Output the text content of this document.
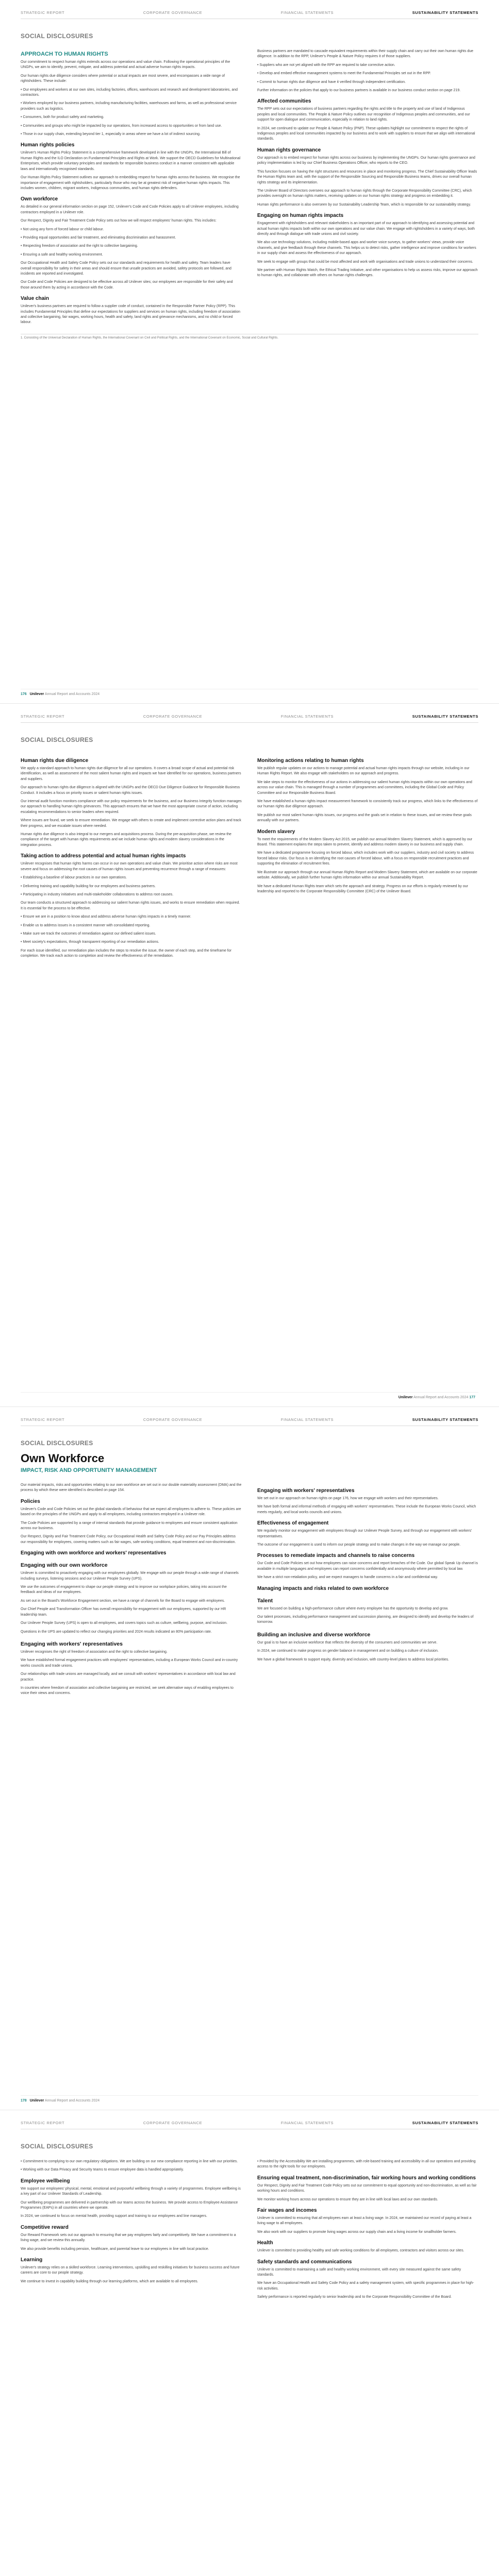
STRATEGIC REPORT	CORPORATE GOVERNANCE	FINANCIAL STATEMENTS	SUSTAINABILITY STATEMENTS
SOCIAL DISCLOSURES
APPROACH TO HUMAN RIGHTS

Our commitment to respect human rights extends across our operations and value chain. Following the operational principles of the UNGPs, we aim to identify, prevent, mitigate, and address potential and actual adverse human rights impacts.

Our human rights due diligence considers where potential or actual impacts are most severe, and encompasses a wide range of rightsholders. These include:

• Our employees and workers at our own sites, including factories, offices, warehouses and research and development laboratories, and contractors.

• Workers employed by our business partners, including manufacturing facilities, warehouses and farms, as well as professional service providers such as logistics.

• Consumers, both for product safety and marketing.

• Communities and groups who might be impacted by our operations, from increased access to opportunities or from land use.

• Those in our supply chain, extending beyond tier 1, especially in areas where we have a lot of indirect sourcing.

Human rights policies

Unilever's Human Rights Policy Statement is a comprehensive framework developed in line with the UNGPs, the International Bill of Human Rights and the ILO Declaration on Fundamental Principles and Rights at Work. We support the OECD Guidelines for Multinational Enterprises, which provide voluntary principles and standards for responsible business conduct in a manner consistent with applicable laws and internationally recognised standards.

Our Human Rights Policy Statement outlines our approach to embedding respect for human rights across the business. We recognise the importance of engagement with rightsholders, particularly those who may be at greatest risk of negative human rights impacts. This includes women, children, migrant workers, Indigenous communities, and human rights defenders.

Own workforce

As detailed in our general information section on page 152, Unilever's Code and Code Policies apply to all Unilever employees, including contractors employed in a Unilever role.

Our Respect, Dignity and Fair Treatment Code Policy sets out how we will respect employees' human rights. This includes:

• Not using any form of forced labour or child labour.

• Providing equal opportunities and fair treatment, and eliminating discrimination and harassment.

• Respecting freedom of association and the right to collective bargaining.

• Ensuring a safe and healthy working environment.

Our Occupational Health and Safety Code Policy sets out our standards and requirements for health and safety. Team leaders have overall responsibility for safety in their areas and should ensure that unsafe practices are avoided, safety protocols are followed, and incidents are reported and investigated.

Our Code and Code Policies are designed to be effective across all Unilever sites; our employees are responsible for their safety and those around them by acting in accordance with the Code.

Value chain

Unilever's business partners are required to follow a supplier code of conduct, contained in the Responsible Partner Policy (RPP). This includes Fundamental Principles that define our expectations for suppliers and services on human rights, including freedom of association and collective bargaining, fair wages, working hours, health and safety, land rights and grievance mechanisms, and no child or forced labour.

Business partners are mandated to cascade equivalent requirements within their supply chain and carry out their own human rights due diligence. In addition to the RPP, Unilever's People & Nature Policy requires it of those suppliers.

• Suppliers who are not yet aligned with the RPP are required to take corrective action.

• Develop and embed effective management systems to meet the Fundamental Principles set out in the RPP.

• Commit to human rights due diligence and have it verified through independent certification.

Further information on the policies that apply to our business partners is available in our business conduct section on page 219.

Affected communities

The RPP sets out our expectations of business partners regarding the rights and title to the property and use of land of Indigenous peoples and local communities. The People & Nature Policy outlines our recognition of Indigenous peoples and communities, and our support for open dialogue and communication, especially in relation to land rights.

In 2024, we continued to update our People & Nature Policy (PNP). These updates highlight our commitment to respect the rights of Indigenous peoples and local communities impacted by our business and to work with suppliers to ensure that we align with international standards.

Human rights governance

Our approach is to embed respect for human rights across our business by implementing the UNGPs. Our human rights governance and policy implementation is led by our Chief Business Operations Officer, who reports to the CEO.

This function focuses on having the right structures and resources in place and monitoring progress. The Chief Sustainability Officer leads the Human Rights team and, with the support of the Responsible Sourcing and Responsible Business teams, drives our overall human rights strategy and its implementation.

The Unilever Board of Directors oversees our approach to human rights through the Corporate Responsibility Committee (CRC), which provides oversight on human rights matters, receiving updates on our human rights strategy and progress on embedding it.

Human rights performance is also overseen by our Sustainability Leadership Team, which is responsible for our sustainability strategy.

Engaging on human rights impacts

Engagement with rightsholders and relevant stakeholders is an important part of our approach to identifying and assessing potential and actual human rights impacts both within our own operations and our value chain. We engage with rightsholders in a variety of ways, both directly and through dialogue with trade unions and civil society.

We also use technology solutions, including mobile-based apps and worker voice surveys, to gather workers' views, provide voice channels, and give feedback through these channels. This helps us to detect risks, gather intelligence and improve conditions for workers in our supply chain and assess the effectiveness of our approach.

We seek to engage with groups that could be most affected and work with organisations and trade unions to understand their concerns.

We partner with Human Rights Watch, the Ethical Trading Initiative, and other organisations to help us assess risks, improve our approach to human rights, and collaborate with others on human rights challenges.

1. Consisting of the Universal Declaration of Human Rights, the International Covenant on Civil and Political Rights, and the International Covenant on Economic, Social and Cultural Rights.
176 Unilever Annual Report and Accounts 2024
STRATEGIC REPORT	CORPORATE GOVERNANCE	FINANCIAL STATEMENTS	SUSTAINABILITY STATEMENTS
SOCIAL DISCLOSURES
Human rights due diligence

We apply a standard approach to human rights due diligence for all our operations. It covers a broad scope of actual and potential risk identification, as well as assessment of the most salient human rights and impacts we have identified for our operations, business partners and suppliers.

Our approach to human rights due diligence is aligned with the UNGPs and the OECD Due Diligence Guidance for Responsible Business Conduct. It includes a focus on priority issues or salient human rights issues.

Our internal audit function monitors compliance with our policy requirements for the business, and our Business Integrity function manages our approach to handling human rights grievances. This approach ensures that we have the most appropriate course of action, including escalating recommendations to senior leaders when required.

Where issues are found, we seek to ensure remediation. We engage with others to create and implement corrective action plans and track their progress, and we escalate issues where needed.

Human rights due diligence is also integral to our mergers and acquisitions process. During the pre-acquisition phase, we review the compliance of the target with human rights requirements and we include human rights and modern slavery considerations in the integration process.

Taking action to address potential and actual human rights impacts

Unilever recognises that human rights harms can occur in our own operations and value chain. We prioritise action where risks are most severe and focus on addressing the root causes of human rights issues and preventing recurrence through a range of measures:

• Establishing a baseline of labour practices in our own operations.

• Delivering training and capability building for our employees and business partners.

• Participating in industry initiatives and multi-stakeholder collaborations to address root causes.

Our team conducts a structured approach to addressing our salient human rights issues, and works to ensure remediation when required. It is essential for the process to be effective.

• Ensure we are in a position to know about and address adverse human rights impacts in a timely manner.

• Enable us to address issues in a consistent manner with consolidated reporting.

• Make sure we track the outcomes of remediation against our defined salient issues.

• Meet society's expectations, through transparent reporting of our remediation actions.

For each issue identified, our remediation plan includes the steps to resolve the issue, the owner of each step, and the timeframe for completion. We track each action to completion and review the effectiveness of the remediation.

Monitoring actions relating to human rights

We publish regular updates on our actions to manage potential and actual human rights impacts through our website, including in our Human Rights Report. We also engage with stakeholders on our approach and progress.

We take steps to monitor the effectiveness of our actions in addressing our salient human rights impacts within our own operations and across our value chain. This is managed through a number of programmes and committees, including the Global Code and Policy Committee and our Responsible Business Board.

We have established a human rights impact measurement framework to consistently track our progress, which links to the effectiveness of our human rights due diligence approach.

We publish our most salient human rights issues, our progress and the goals set in relation to these issues, and we review these goals annually with our partners.

Modern slavery

To meet the requirements of the Modern Slavery Act 2015, we publish our annual Modern Slavery Statement, which is approved by our Board. This statement explains the steps taken to prevent, identify and address modern slavery in our business and supply chain.

We have a dedicated programme focusing on forced labour, which includes work with our suppliers, industry and civil society to address forced labour risks. Our focus is on identifying the root causes of forced labour, with a focus on responsible recruitment practices and supporting the elimination of recruitment fees.

We illustrate our approach through our annual Human Rights Report and Modern Slavery Statement, which are available on our corporate website. Additionally, we publish further human rights information within our annual Sustainability Report.

We have a dedicated Human Rights team which sets the approach and strategy. Progress on our efforts is regularly reviewed by our leadership and reported to the Corporate Responsibility Committee (CRC) of the Unilever Board.

Unilever Annual Report and Accounts 2024 177
STRATEGIC REPORT	CORPORATE GOVERNANCE	FINANCIAL STATEMENTS	SUSTAINABILITY STATEMENTS
SOCIAL DISCLOSURES
Own Workforce
IMPACT, RISK AND OPPORTUNITY MANAGEMENT

Our material impacts, risks and opportunities relating to our own workforce are set out in our double materiality assessment (DMA) and the process by which these were identified is described on page 154.

Policies

Unilever's Code and Code Policies set out the global standards of behaviour that we expect all employees to adhere to. These policies are based on the principles of the UNGPs and apply to all employees, including contractors employed in a Unilever role.

The Code Policies are supported by a range of internal standards that provide guidance to employees and ensure consistent application across our business.

Our Respect, Dignity and Fair Treatment Code Policy, our Occupational Health and Safety Code Policy and our Pay Principles address our responsibility for employees, covering matters such as fair wages, safe working conditions, equal treatment and non-discrimination.

Engaging with own workforce and workers' representatives
Engaging with our own workforce

Unilever is committed to proactively engaging with our employees globally. We engage with our people through a wide range of channels including surveys, listening sessions and our Unilever People Survey (UPS).

We use the outcomes of engagement to shape our people strategy and to improve our workplace policies, taking into account the feedback and ideas of our employees.

As set out in the Board's Workforce Engagement section, we have a range of channels for the Board to engage with employees.

Our Chief People and Transformation Officer has overall responsibility for engagement with our employees, supported by our HR leadership team.

Our Unilever People Survey (UPS) is open to all employees, and covers topics such as culture, wellbeing, purpose, and inclusion.

Questions in the UPS are updated to reflect our changing priorities and 2024 results indicated an 80% participation rate.

Engaging with workers' representatives

Unilever recognises the right of freedom of association and the right to collective bargaining.

We have established formal engagement practices with employees' representatives, including a European Works Council and in-country works councils and trade unions.

Our relationships with trade unions are managed locally, and we consult with workers' representatives in accordance with local law and practice.

In countries where freedom of association and collective bargaining are restricted, we seek alternative ways of enabling employees to voice their views and concerns.

Engaging with workers' representatives

We set out in our approach on human rights on page 176, how we engage with workers and their representatives.

We have both formal and informal methods of engaging with workers' representatives. These include the European Works Council, which meets regularly, and local works councils and unions.

Effectiveness of engagement

We regularly monitor our engagement with employees through our Unilever People Survey, and through our engagement with workers' representatives.

The outcome of our engagement is used to inform our people strategy and to make changes in the way we manage our people.

Processes to remediate impacts and channels to raise concerns

Our Code and Code Policies set out how employees can raise concerns and report breaches of the Code. Our global Speak Up channel is available in multiple languages and employees can report concerns confidentially and anonymously where permitted by local law.

We have a strict non-retaliation policy, and we expect managers to handle concerns in a fair and confidential way.

Managing impacts and risks related to own workforce
Talent

We are focused on building a high-performance culture where every employee has the opportunity to develop and grow.

Our talent processes, including performance management and succession planning, are designed to identify and develop the leaders of tomorrow.

Building an inclusive and diverse workforce

Our goal is to have an inclusive workforce that reflects the diversity of the consumers and communities we serve.

In 2024, we continued to make progress on gender balance in management and on building a culture of inclusion.

We have a global framework to support equity, diversity and inclusion, with country-level plans to address local priorities.

178 Unilever Annual Report and Accounts 2024
STRATEGIC REPORT	CORPORATE GOVERNANCE	FINANCIAL STATEMENTS	SUSTAINABILITY STATEMENTS
SOCIAL DISCLOSURES

• Commitment to complying to our own regulatory obligations. We are building on our new compliance reporting in line with our priorities.

• Working with our Data Privacy and Security teams to ensure employee data is handled appropriately.

Employee wellbeing

We support our employees' physical, mental, emotional and purposeful wellbeing through a variety of programmes. Employee wellbeing is a key part of our Unilever Standards of Leadership.

Our wellbeing programmes are delivered in partnership with our teams across the business. We provide access to Employee Assistance Programmes (EAPs) in all countries where we operate.

In 2024, we continued to focus on mental health, providing support and training to our employees and line managers.

Competitive reward

Our Reward Framework sets out our approach to ensuring that we pay employees fairly and competitively. We have a commitment to a living wage, and we review this annually.

We also provide benefits including pension, healthcare, and parental leave to our employees in line with local practice.

Learning

Unilever's strategy relies on a skilled workforce. Learning interventions, upskilling and reskilling initiatives for business success and future careers are core to our people strategy.

We continue to invest in capability building through our learning platforms, which are available to all employees.

• Provided by the Accessibility We are installing programmes, with role-based training and accessibility in all our operations and providing access to the right tools for our employees.

Ensuring equal treatment, non-discrimination, fair working hours and working conditions

Our Respect, Dignity and Fair Treatment Code Policy sets out our commitment to equal opportunity and non-discrimination, as well as fair working hours and conditions.

We monitor working hours across our operations to ensure they are in line with local laws and our own standards.

Fair wages and incomes

Unilever is committed to ensuring that all employees earn at least a living wage. In 2024, we maintained our record of paying at least a living wage to all employees.

We also work with our suppliers to promote living wages across our supply chain and a living income for smallholder farmers.

Health

Unilever is committed to providing healthy and safe working conditions for all employees, contractors and visitors across our sites.

Safety standards and communications

Unilever is committed to maintaining a safe and healthy working environment, with every site measured against the same safety standards.

We have an Occupational Health and Safety Code Policy and a safety management system, with specific programmes in place for high-risk activities.

Safety performance is reported regularly to senior leadership and to the Corporate Responsibility Committee of the Board.
